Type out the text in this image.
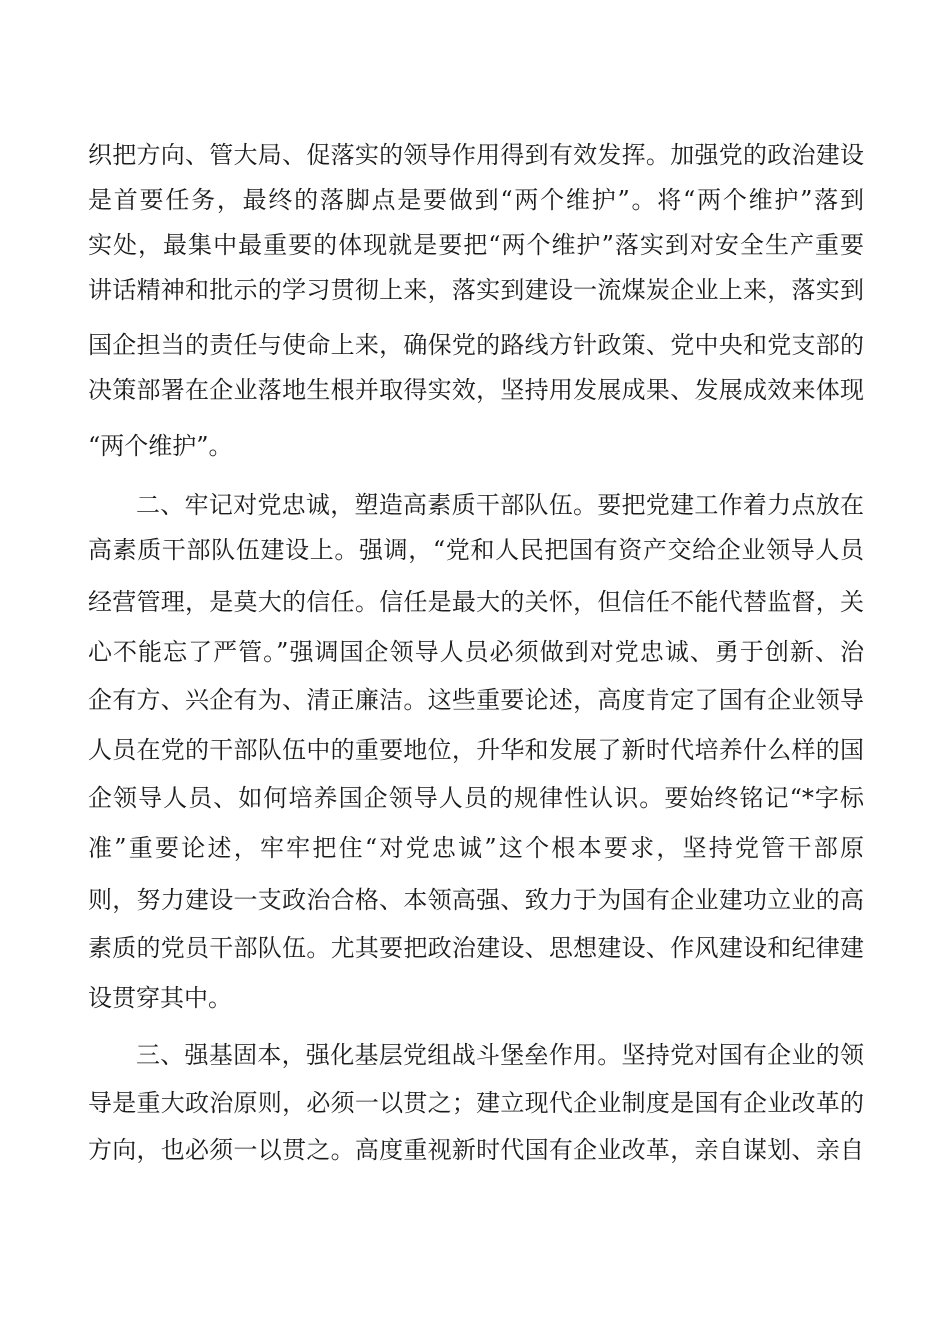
织把方向、管大局、促落实的领导作用得到有效发挥。加强党的政治建设
是首要任务，最终的落脚点是要做到“两个维护”。将“两个维护”落到
实处，最集中最重要的体现就是要把“两个维护”落实到对安全生产重要
讲话精神和批示的学习贯彻上来，落实到建设一流煤炭企业上来，落实到
国企担当的责任与使命上来，确保党的路线方针政策、党中央和党支部的
决策部署在企业落地生根并取得实效，坚持用发展成果、发展成效来体现
“两个维护”。
二、牢记对党忠诚，塑造高素质干部队伍。要把党建工作着力点放在
高素质干部队伍建设上。强调，“党和人民把国有资产交给企业领导人员
经营管理，是莫大的信任。信任是最大的关怀，但信任不能代替监督，关
心不能忘了严管。”强调国企领导人员必须做到对党忠诚、勇于创新、治
企有方、兴企有为、清正廉洁。这些重要论述，高度肯定了国有企业领导
人员在党的干部队伍中的重要地位，升华和发展了新时代培养什么样的国
企领导人员、如何培养国企领导人员的规律性认识。要始终铭记“*字标
准”重要论述，牢牢把住“对党忠诚”这个根本要求，坚持党管干部原
则，努力建设一支政治合格、本领高强、致力于为国有企业建功立业的高
素质的党员干部队伍。尤其要把政治建设、思想建设、作风建设和纪律建
设贯穿其中。
三、强基固本，强化基层党组战斗堡垒作用。坚持党对国有企业的领
导是重大政治原则，必须一以贯之；建立现代企业制度是国有企业改革的
方向，也必须一以贯之。高度重视新时代国有企业改革，亲自谋划、亲自
